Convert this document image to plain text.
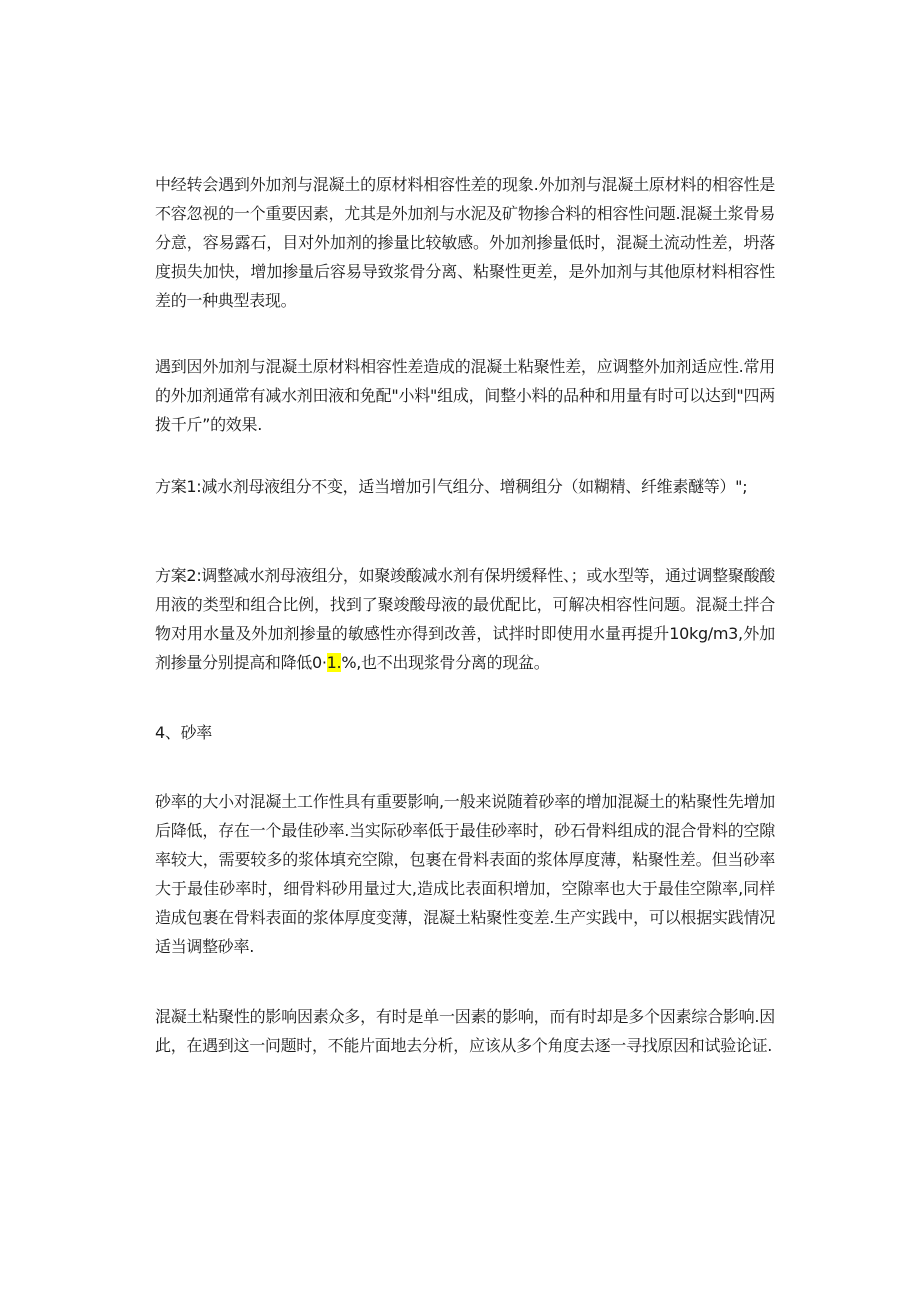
中经转会遇到外加剂与混凝土的原材料相容性差的现象.外加剂与混凝土原材料的相容性是不容忽视的一个重要因素，尤其是外加剂与水泥及矿物掺合料的相容性问题.混凝土浆骨易分意，容易露石，目对外加剂的掺量比较敏感。外加剂掺量低时，混凝土流动性差，坍落度损失加快，增加掺量后容易导致浆骨分离、粘聚性更差，是外加剂与其他原材料相容性差的一种典型表现。

遇到因外加剂与混凝土原材料相容性差造成的混凝土粘聚性差，应调整外加剂适应性.常用的外加剂通常有减水剂田液和免配"小料"组成，间整小料的品种和用量有时可以达到"四两拨千斤”的效果.

方案1:减水剂母液组分不变，适当增加引气组分、增稠组分（如糊精、纤维素醚等）";

方案2:调整减水剂母液组分，如聚竣酸减水剂有保坍缓释性、；或水型等，通过调整聚酸酸用液的类型和组合比例，找到了聚竣酸母液的最优配比，可解决相容性问题。混凝土拌合物对用水量及外加剂掺量的敏感性亦得到改善，试拌时即使用水量再提升10kg∕m3,外加剂掺量分别提高和降低0·1.%,也不出现浆骨分离的现盆。

4、砂率

砂率的大小对混凝土工作性具有重要影响,一般来说随着砂率的增加混凝土的粘聚性先增加后降低，存在一个最佳砂率.当实际砂率低于最佳砂率时，砂石骨料组成的混合骨料的空隙率较大，需要较多的浆体填充空隙，包裹在骨料表面的浆体厚度薄，粘聚性差。但当砂率大于最佳砂率时，细骨料砂用量过大,造成比表面积增加，空隙率也大于最佳空隙率,同样造成包裹在骨料表面的浆体厚度变薄，混凝土粘聚性变差.生产实践中，可以根据实践情况适当调整砂率.

混凝土粘聚性的影响因素众多，有时是单一因素的影响，而有时却是多个因素综合影响.因此，在遇到这一问题时，不能片面地去分析，应该从多个角度去逐一寻找原因和试验论证.
